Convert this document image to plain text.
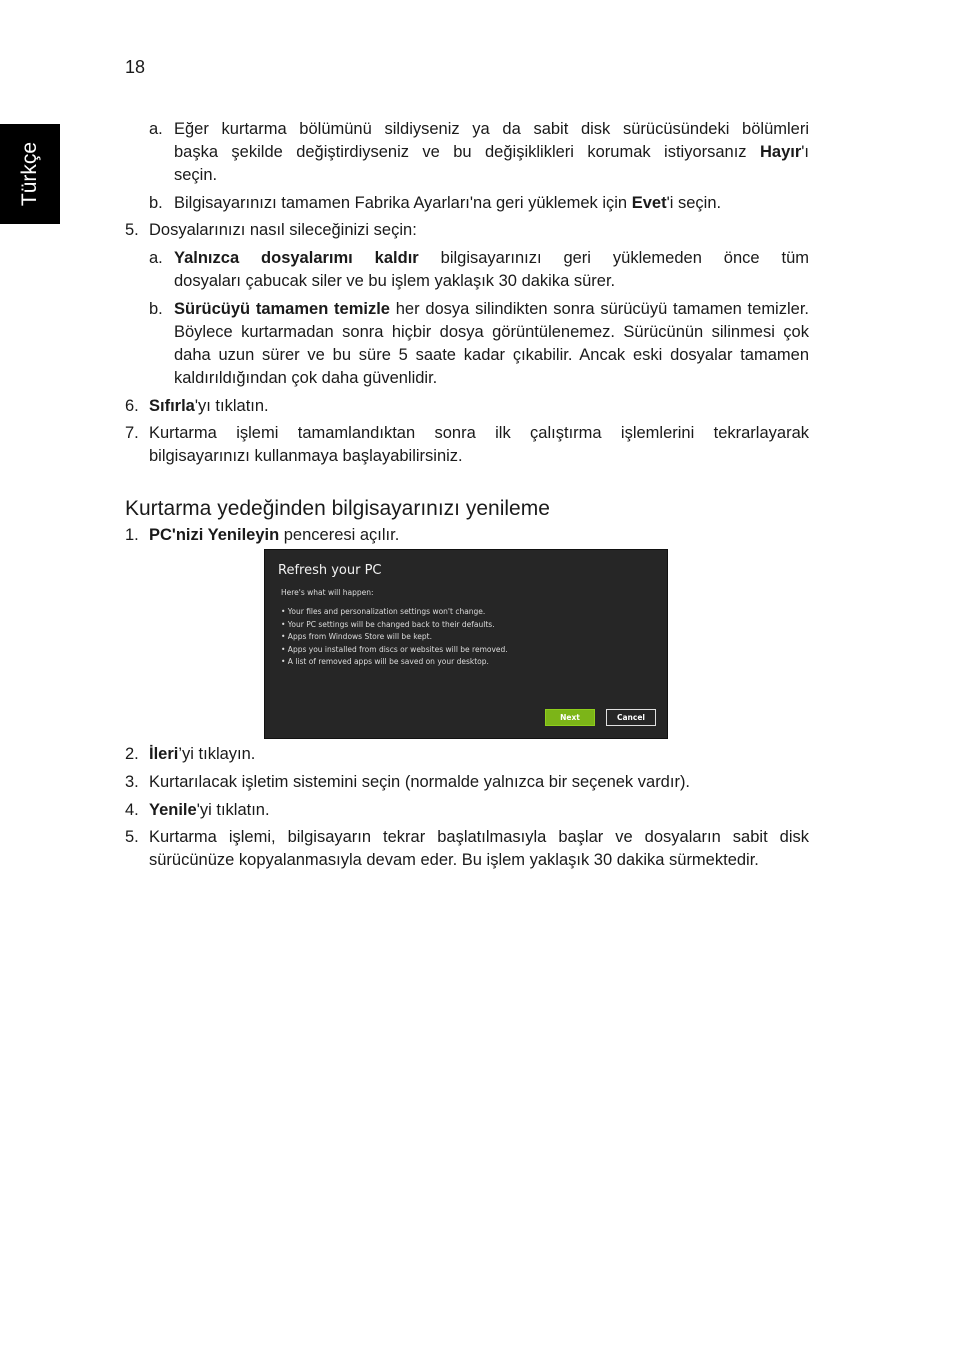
18
Türkçe
a. Eğer kurtarma bölümünü sildiyseniz ya da sabit disk sürücüsündeki bölümleri
başka şekilde değiştirdiyseniz ve bu değişiklikleri korumak istiyorsanız Hayır'ı
seçin.
b. Bilgisayarınızı tamamen Fabrika Ayarları'na geri yüklemek için Evet'i seçin.
5. Dosyalarınızı nasıl sileceğinizi seçin:
a. Yalnızca dosyalarımı kaldır bilgisayarınızı geri yüklemeden önce tüm
dosyaları çabucak siler ve bu işlem yaklaşık 30 dakika sürer.
b. Sürücüyü tamamen temizle her dosya silindikten sonra sürücüyü tamamen temizler. Böylece kurtarmadan sonra hiçbir dosya görüntülenemez. Sürücünün silinmesi çok daha uzun sürer ve bu süre 5 saate kadar çıkabilir. Ancak eski dosyalar tamamen kaldırıldığından çok daha güvenlidir.
6. Sıfırla'yı tıklatın.
7. Kurtarma işlemi tamamlandıktan sonra ilk çalıştırma işlemlerini tekrarlayarak bilgisayarınızı kullanmaya başlayabilirsiniz.
Kurtarma yedeğinden bilgisayarınızı yenileme
1. PC'nizi Yenileyin penceresi açılır.
Refresh your PC
Here's what will happen:
• Your files and personalization settings won't change.
• Your PC settings will be changed back to their defaults.
• Apps from Windows Store will be kept.
• Apps you installed from discs or websites will be removed.
• A list of removed apps will be saved on your desktop.
Next	Cancel
2. İleri’yi tıklayın.
3. Kurtarılacak işletim sistemini seçin (normalde yalnızca bir seçenek vardır).
4. Yenile'yi tıklatın.
5. Kurtarma işlemi, bilgisayarın tekrar başlatılmasıyla başlar ve dosyaların sabit disk sürücünüze kopyalanmasıyla devam eder. Bu işlem yaklaşık 30 dakika sürmektedir.
